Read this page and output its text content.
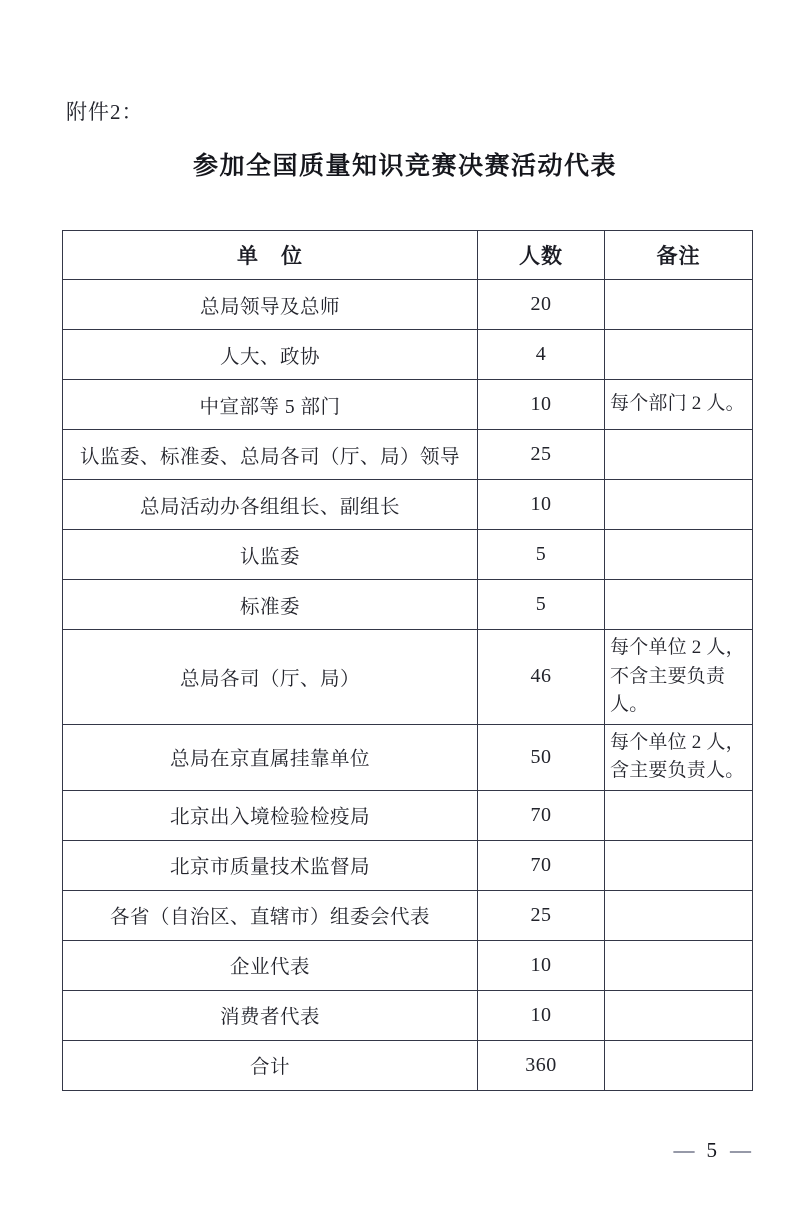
附件2：
参加全国质量知识竞赛决赛活动代表
单　位	人数	备注
总局领导及总师	20	
人大、政协	4	
中宣部等 5 部门	10	每个部门 2 人。
认监委、标准委、总局各司（厅、局）领导	25	
总局活动办各组组长、副组长	10	
认监委	5	
标准委	5	
总局各司（厅、局）	46	每个单位 2 人，不含主要负责人。
总局在京直属挂靠单位	50	每个单位 2 人，含主要负责人。
北京出入境检验检疫局	70	
北京市质量技术监督局	70	
各省（自治区、直辖市）组委会代表	25	
企业代表	10	
消费者代表	10	
合计	360	
— 5 —
